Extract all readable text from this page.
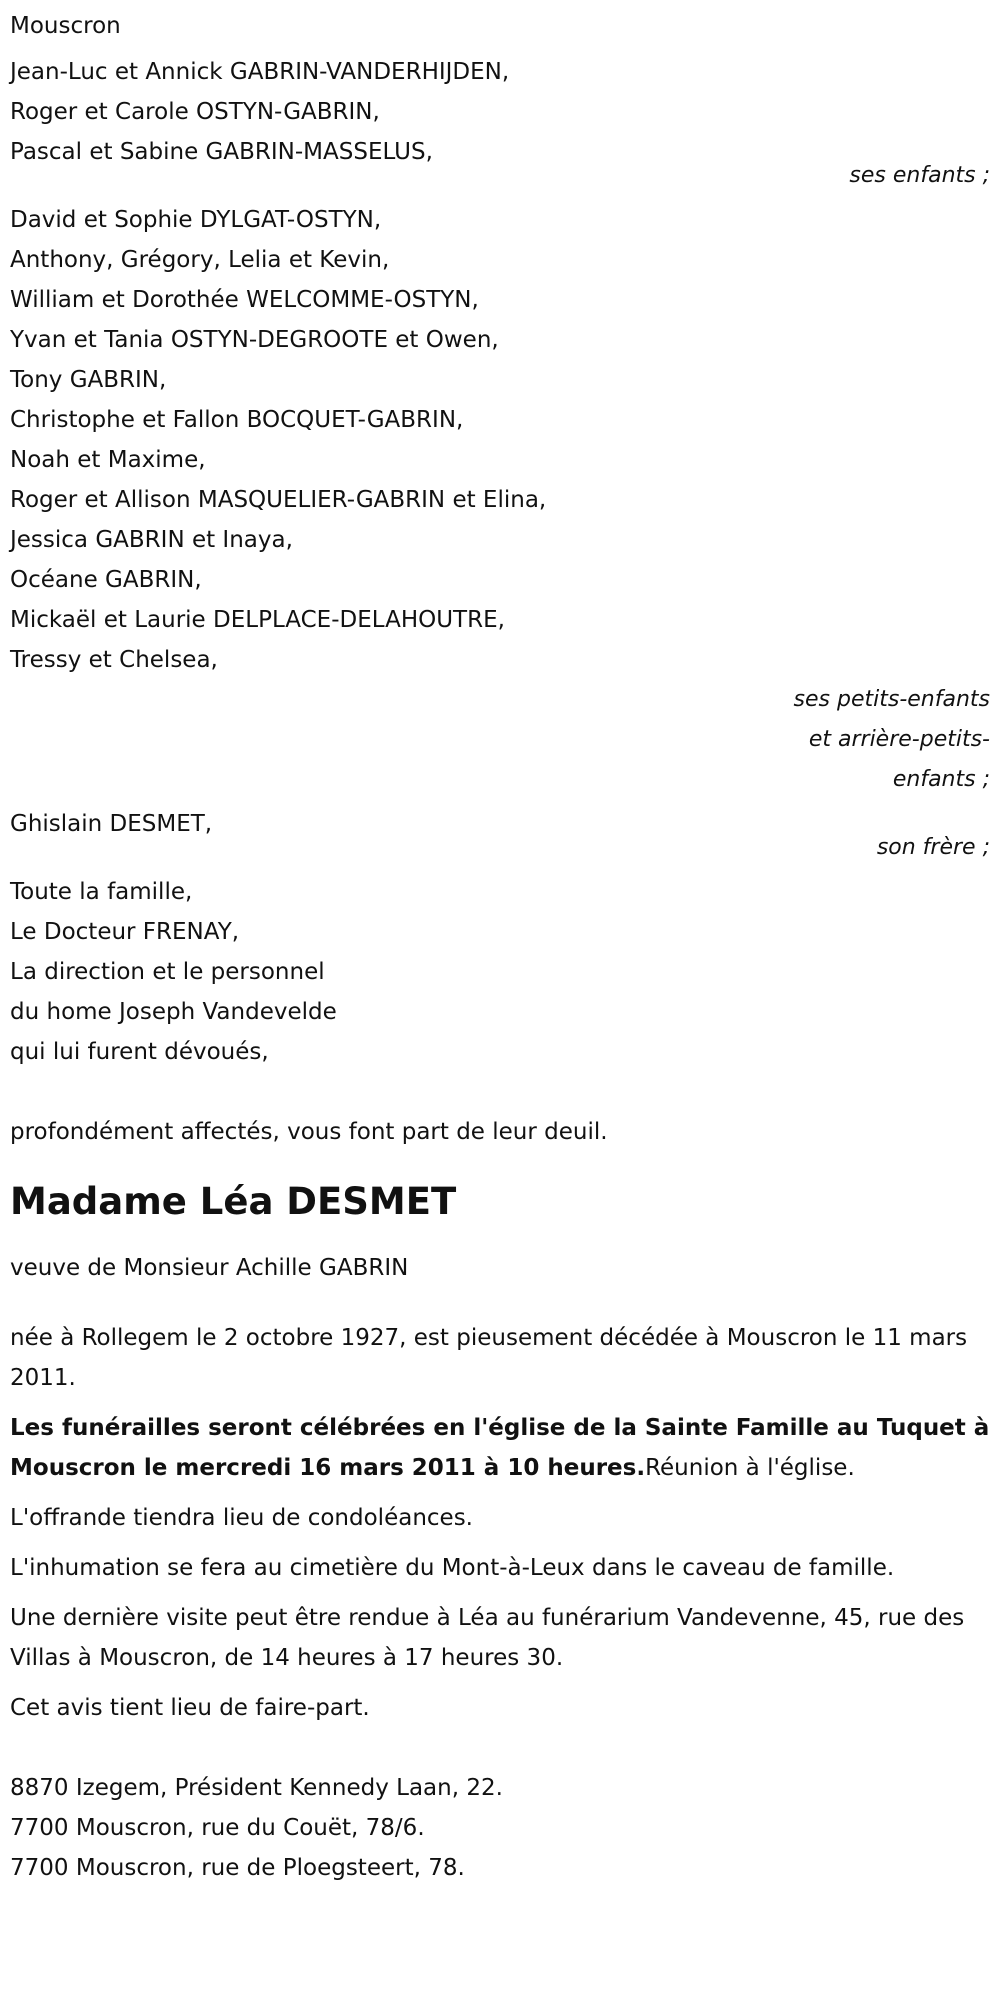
Mouscron
Jean-Luc et Annick GABRIN-VANDERHIJDEN,
Roger et Carole OSTYN-GABRIN,
Pascal et Sabine GABRIN-MASSELUS,
ses enfants ;
David et Sophie DYLGAT-OSTYN,
Anthony, Grégory, Lelia et Kevin,
William et Dorothée WELCOMME-OSTYN,
Yvan et Tania OSTYN-DEGROOTE et Owen,
Tony GABRIN,
Christophe et Fallon BOCQUET-GABRIN,
Noah et Maxime,
Roger et Allison MASQUELIER-GABRIN et Elina,
Jessica GABRIN et Inaya,
Océane GABRIN,
Mickaël et Laurie DELPLACE-DELAHOUTRE,
Tressy et Chelsea,
ses petits-enfants
et arrière-petits-
enfants ;
Ghislain DESMET,
son frère ;
Toute la famille,
Le Docteur FRENAY,
La direction et le personnel
du home Joseph Vandevelde
qui lui furent dévoués,
profondément affectés, vous font part de leur deuil.
Madame Léa DESMET
veuve de Monsieur Achille GABRIN
née à Rollegem le 2 octobre 1927, est pieusement décédée à Mouscron le 11 mars 2011.
Les funérailles seront célébrées en l'église de la Sainte Famille au Tuquet à Mouscron le mercredi 16 mars 2011 à 10 heures.Réunion à l'église.
L'offrande tiendra lieu de condoléances.
L'inhumation se fera au cimetière du Mont-à-Leux dans le caveau de famille.
Une dernière visite peut être rendue à Léa au funérarium Vandevenne, 45, rue des Villas à Mouscron, de 14 heures à 17 heures 30.
Cet avis tient lieu de faire-part.
8870 Izegem, Président Kennedy Laan, 22.
7700 Mouscron, rue du Couët, 78/6.
7700 Mouscron, rue de Ploegsteert, 78.
